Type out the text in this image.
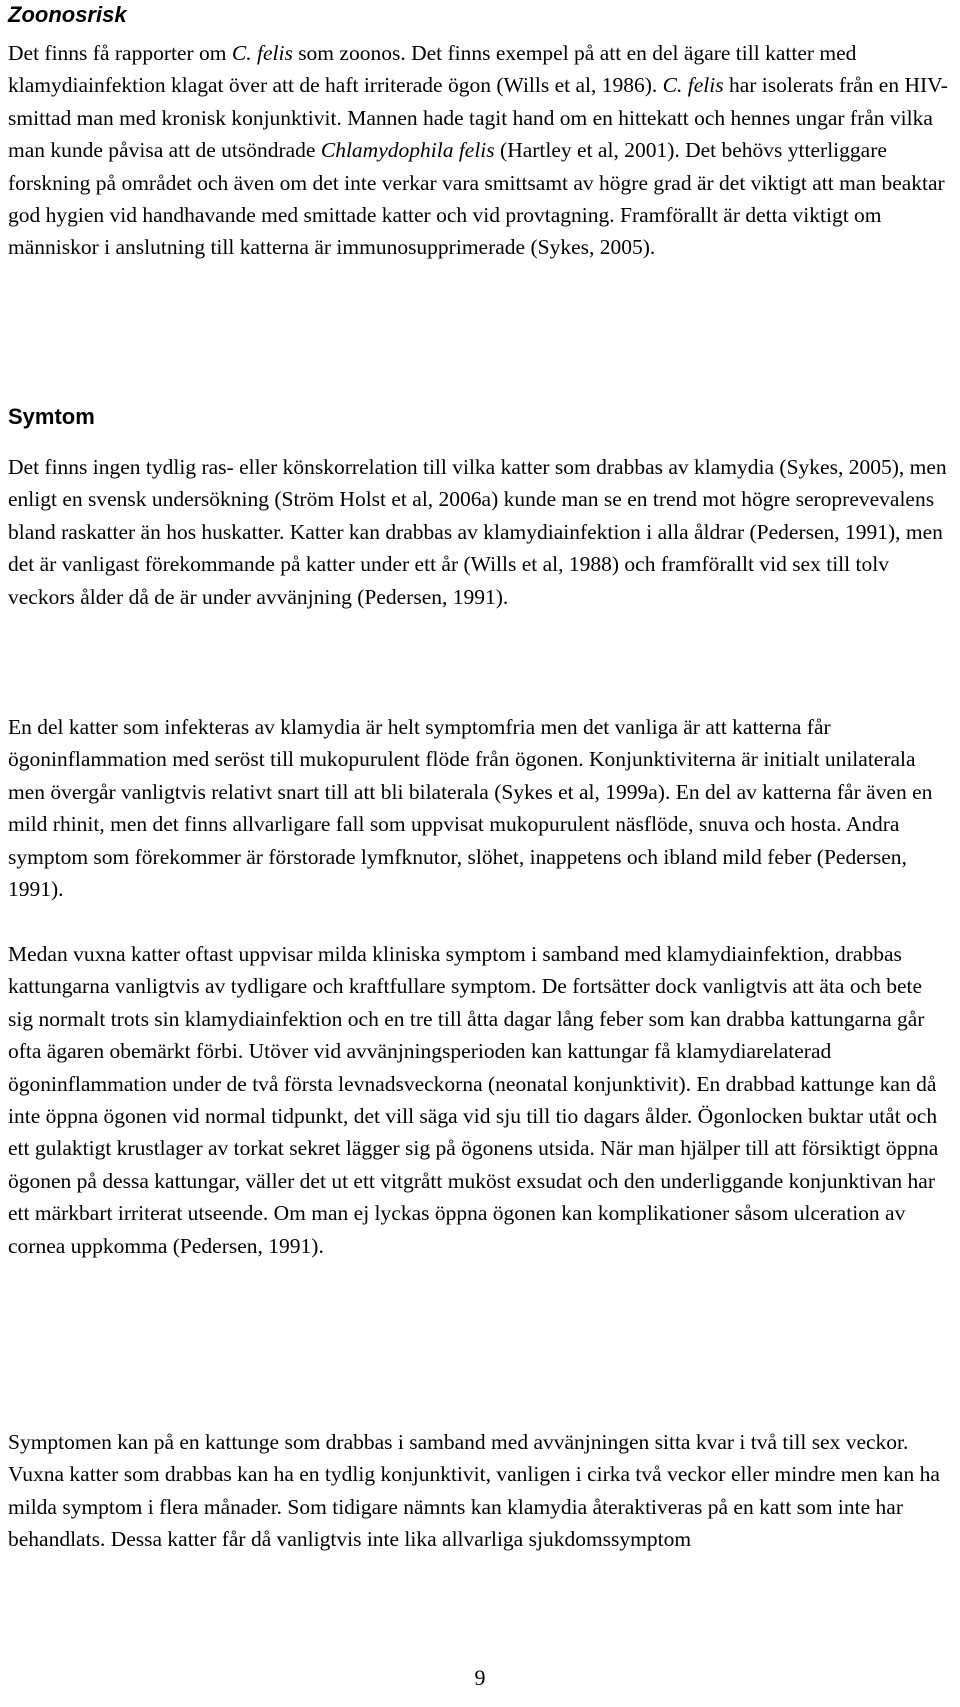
Zoonosrisk

Det finns få rapporter om C. felis som zoonos. Det finns exempel på att en del ägare till katter med klamydiainfektion klagat över att de haft irriterade ögon (Wills et al, 1986). C. felis har isolerats från en HIV-smittad man med kronisk konjunktivit. Mannen hade tagit hand om en hittekatt och hennes ungar från vilka man kunde påvisa att de utsöndrade Chlamydophila felis (Hartley et al, 2001). Det behövs ytterliggare forskning på området och även om det inte verkar vara smittsamt av högre grad är det viktigt att man beaktar god hygien vid handhavande med smittade katter och vid provtagning. Framförallt är detta viktigt om människor i anslutning till katterna är immunosupprimerade (Sykes, 2005).

Symtom

Det finns ingen tydlig ras- eller könskorrelation till vilka katter som drabbas av klamydia (Sykes, 2005), men enligt en svensk undersökning (Ström Holst et al, 2006a) kunde man se en trend mot högre seroprevevalens bland raskatter än hos huskatter. Katter kan drabbas av klamydiainfektion i alla åldrar (Pedersen, 1991), men det är vanligast förekommande på katter under ett år (Wills et al, 1988) och framförallt vid sex till tolv veckors ålder då de är under avvänjning (Pedersen, 1991).

En del katter som infekteras av klamydia är helt symptomfria men det vanliga är att katterna får ögoninflammation med seröst till mukopurulent flöde från ögonen. Konjunktiviterna är initialt unilaterala men övergår vanligtvis relativt snart till att bli bilaterala (Sykes et al, 1999a). En del av katterna får även en mild rhinit, men det finns allvarligare fall som uppvisat mukopurulent näsflöde, snuva och hosta. Andra symptom som förekommer är förstorade lymfknutor, slöhet, inappetens och ibland mild feber (Pedersen, 1991).

Medan vuxna katter oftast uppvisar milda kliniska symptom i samband med klamydiainfektion, drabbas kattungarna vanligtvis av tydligare och kraftfullare symptom. De fortsätter dock vanligtvis att äta och bete sig normalt trots sin klamydiainfektion och en tre till åtta dagar lång feber som kan drabba kattungarna går ofta ägaren obemärkt förbi. Utöver vid avvänjningsperioden kan kattungar få klamydiarelaterad ögoninflammation under de två första levnadsveckorna (neonatal konjunktivit). En drabbad kattunge kan då inte öppna ögonen vid normal tidpunkt, det vill säga vid sju till tio dagars ålder. Ögonlocken buktar utåt och ett gulaktigt krustlager av torkat sekret lägger sig på ögonens utsida. När man hjälper till att försiktigt öppna ögonen på dessa kattungar, väller det ut ett vitgrått muköst exsudat och den underliggande konjunktivan har ett märkbart irriterat utseende. Om man ej lyckas öppna ögonen kan komplikationer såsom ulceration av cornea uppkomma (Pedersen, 1991).

Symptomen kan på en kattunge som drabbas i samband med avvänjningen sitta kvar i två till sex veckor. Vuxna katter som drabbas kan ha en tydlig konjunktivit, vanligen i cirka två veckor eller mindre men kan ha milda symptom i flera månader. Som tidigare nämnts kan klamydia återaktiveras på en katt som inte har behandlats. Dessa katter får då vanligtvis inte lika allvarliga sjukdomssymptom

9
